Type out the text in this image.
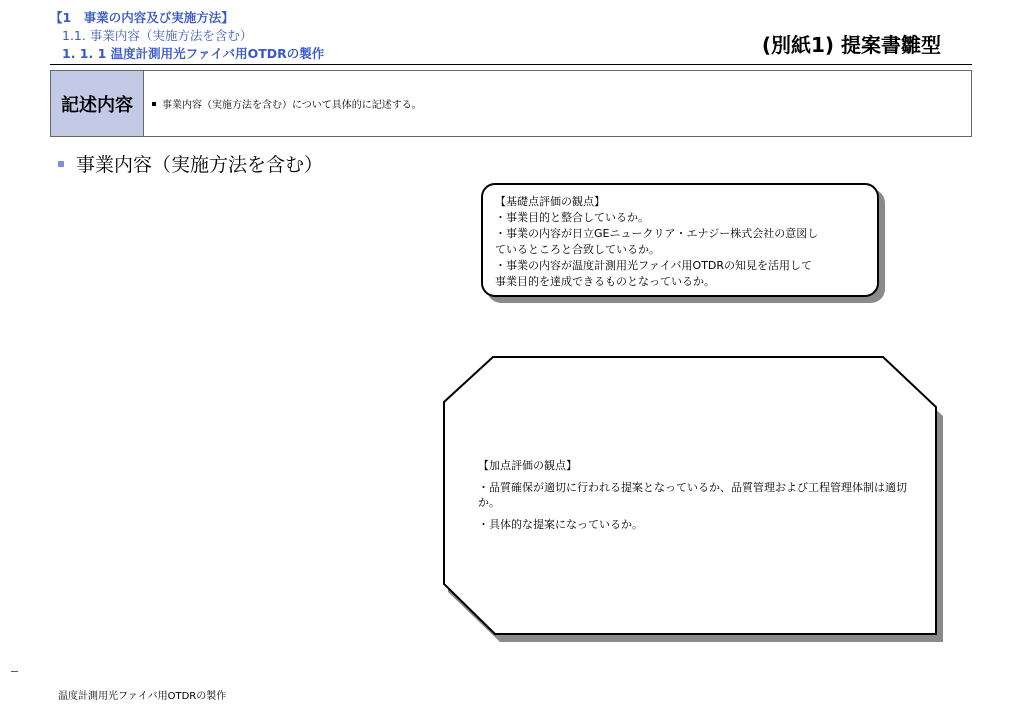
【1　事業の内容及び実施方法】
1.1. 事業内容（実施方法を含む）
1. 1. 1 温度計測用光ファイバ用OTDRの製作	(別紙1) 提案書雛型
記述内容	事業内容（実施方法を含む）について具体的に記述する。
事業内容（実施方法を含む）
【基礎点評価の観点】
・事業目的と整合しているか。
・事業の内容が日立GEニュークリア・エナジー株式会社の意図し
ているところと合致しているか。
・事業の内容が温度計測用光ファイバ用OTDRの知見を活用して
事業目的を達成できるものとなっているか。
【加点評価の観点】
・品質確保が適切に行われる提案となっているか、品質管理および工程管理体制は適切か。
・具体的な提案になっているか。
温度計測用光ファイバ用OTDRの製作
